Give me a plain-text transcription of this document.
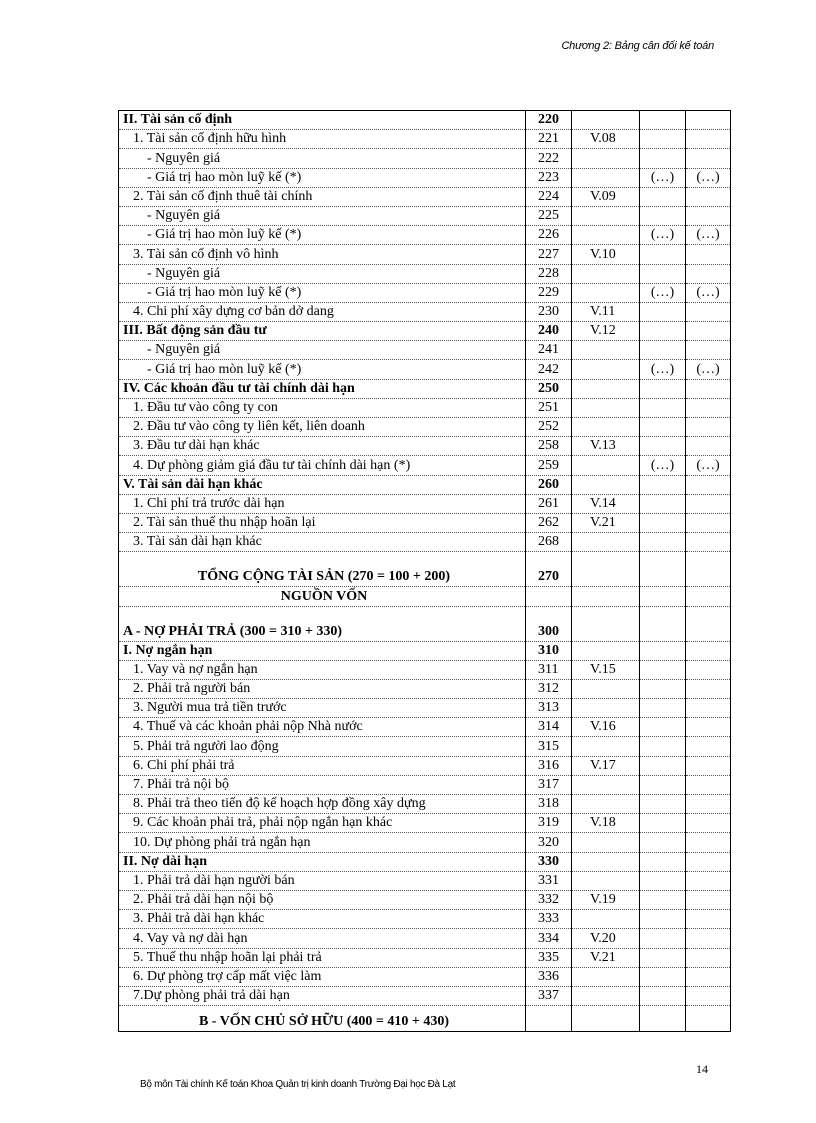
Chương 2: Bảng cân đối kế toán
II. Tài sản cố định	220			
1. Tài sản cố định hữu hình	221	V.08		
- Nguyên giá	222			
- Giá trị hao mòn luỹ kế (*)	223		(…)	(…)
2. Tài sản cố định thuê tài chính	224	V.09		
- Nguyên giá	225			
- Giá trị hao mòn luỹ kế (*)	226		(…)	(…)
3. Tài sản cố định vô hình	227	V.10		
- Nguyên giá	228			
- Giá trị hao mòn luỹ kế (*)	229		(…)	(…)
4. Chi phí xây dựng cơ bản dở dang	230	V.11		
III. Bất động sản đầu tư	240	V.12		
- Nguyên giá	241			
- Giá trị hao mòn luỹ kế (*)	242		(…)	(…)
IV. Các khoản đầu tư tài chính dài hạn	250			
1. Đầu tư vào công ty con	251			
2. Đầu tư vào công ty liên kết, liên doanh	252			
3. Đầu tư dài hạn khác	258	V.13		
4. Dự phòng giảm giá đầu tư tài chính dài hạn (*)	259		(…)	(…)
V. Tài sản dài hạn khác	260			
1. Chi phí trả trước dài hạn	261	V.14		
2. Tài sản thuế thu nhập hoãn lại	262	V.21		
3. Tài sản dài hạn khác	268			
TỔNG CỘNG TÀI SẢN (270 = 100 + 200)	270			
NGUỒN VỐN				
A - NỢ PHẢI TRẢ (300 = 310 + 330)	300			
I. Nợ ngắn hạn	310			
1. Vay và nợ ngắn hạn	311	V.15		
2. Phải trả người bán	312			
3. Người mua trả tiền trước	313			
4. Thuế và các khoản phải nộp Nhà nước	314	V.16		
5. Phải trả người lao động	315			
6. Chi phí phải trả	316	V.17		
7. Phải trả nội bộ	317			
8. Phải trả theo tiến độ kế hoạch hợp đồng xây dựng	318			
9. Các khoản phải trả, phải nộp ngắn hạn khác	319	V.18		
10. Dự phòng phải trả ngắn hạn	320			
II. Nợ dài hạn	330			
1. Phải trả dài hạn người bán	331			
2. Phải trả dài hạn nội bộ	332	V.19		
3. Phải trả dài hạn khác	333			
4. Vay và nợ dài hạn	334	V.20		
5. Thuế thu nhập hoãn lại phải trả	335	V.21		
6. Dự phòng trợ cấp mất việc làm	336			
7.Dự phòng phải trả dài hạn	337			
B - VỐN CHỦ SỞ HỮU (400 = 410 + 430)				
14
Bộ môn Tài chính Kế toán Khoa Quản trị kinh doanh Trường Đại học Đà Lạt
